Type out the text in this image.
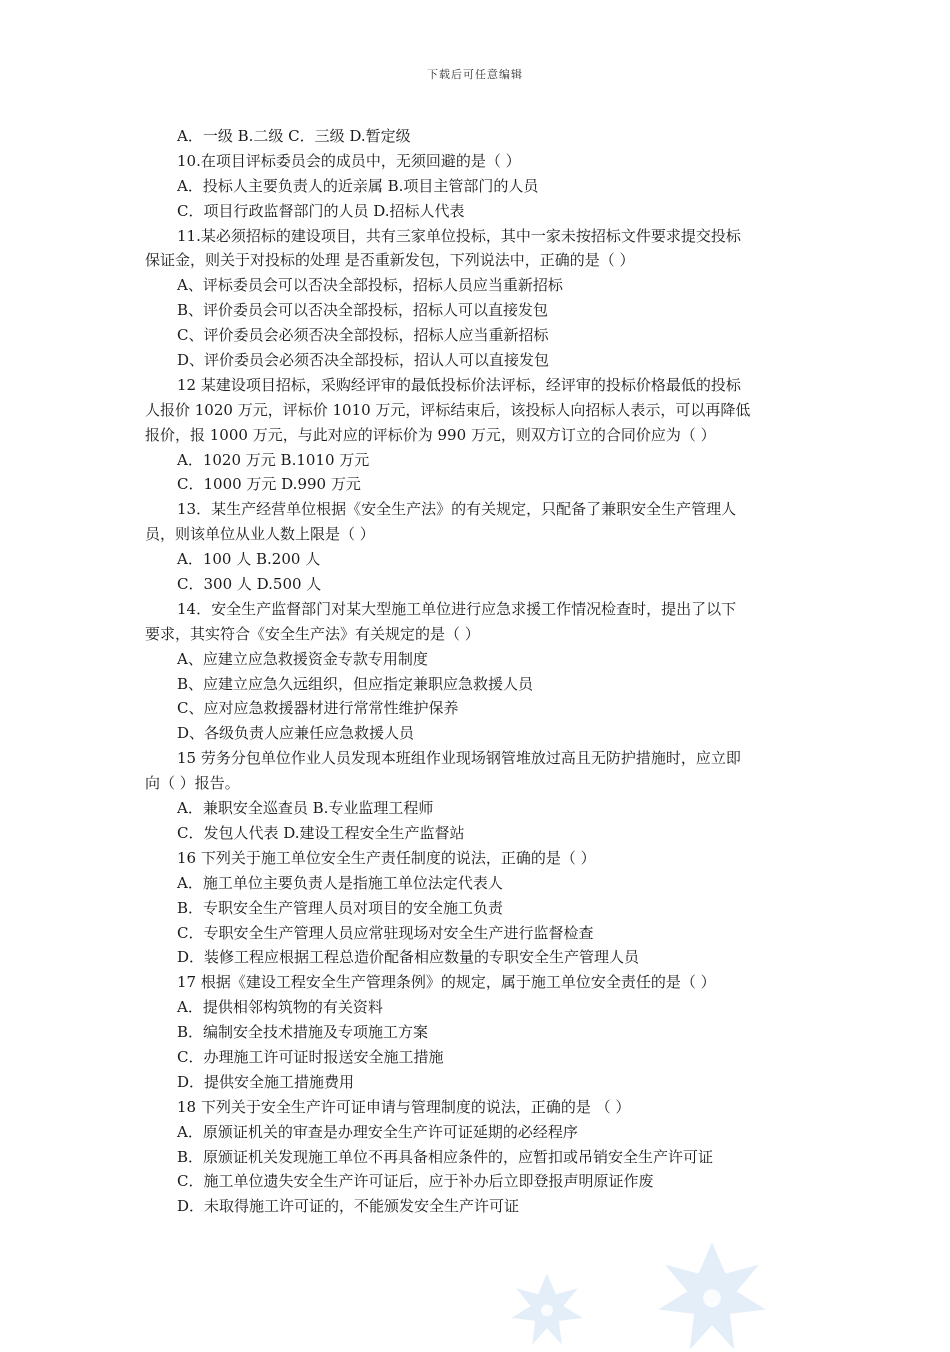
下载后可任意编辑
A．一级 B.二级 C．三级 D.暂定级
10.在项目评标委员会的成员中，无须回避的是（ ）
A．投标人主要负责人的近亲属 B.项目主管部门的人员
C．项目行政监督部门的人员 D.招标人代表
11.某必须招标的建设项目，共有三家单位投标，其中一家未按招标文件要求提交投标
保证金，则关于对投标的处理 是否重新发包，下列说法中，正确的是（ ）
A、评标委员会可以否决全部投标，招标人员应当重新招标
B、评价委员会可以否决全部投标，招标人可以直接发包
C、评价委员会必须否决全部投标，招标人应当重新招标
D、评价委员会必须否决全部投标，招认人可以直接发包
12 某建设项目招标，采购经评审的最低投标价法评标，经评审的投标价格最低的投标
人报价 1020 万元，评标价 1010 万元，评标结束后，该投标人向招标人表示，可以再降低
报价，报 1000 万元，与此对应的评标价为 990 万元，则双方订立的合同价应为（ ）
A．1020 万元 B.1010 万元
C．1000 万元 D.990 万元
13．某生产经营单位根据《安全生产法》的有关规定，只配备了兼职安全生产管理人
员，则该单位从业人数上限是（ ）
A．100 人 B.200 人
C．300 人 D.500 人
14．安全生产监督部门对某大型施工单位进行应急求援工作情况检查时，提出了以下
要求，其实符合《安全生产法》有关规定的是（ ）
A、应建立应急救援资金专款专用制度
B、应建立应急久远组织，但应指定兼职应急救援人员
C、应对应急救援器材进行常常性维护保养
D、各级负责人应兼任应急救援人员
15 劳务分包单位作业人员发现本班组作业现场钢管堆放过高且无防护措施时，应立即
向（ ）报告。
A．兼职安全巡查员 B.专业监理工程师
C．发包人代表 D.建设工程安全生产监督站
16 下列关于施工单位安全生产责任制度的说法，正确的是（ ）
A．施工单位主要负责人是指施工单位法定代表人
B．专职安全生产管理人员对项目的安全施工负责
C．专职安全生产管理人员应常驻现场对安全生产进行监督检查
D．装修工程应根据工程总造价配备相应数量的专职安全生产管理人员
17 根据《建设工程安全生产管理条例》的规定，属于施工单位安全责任的是（ ）
A．提供相邻构筑物的有关资料
B．编制安全技术措施及专项施工方案
C．办理施工许可证时报送安全施工措施
D．提供安全施工措施费用
18 下列关于安全生产许可证申请与管理制度的说法，正确的是 （ ）
A．原颁证机关的审查是办理安全生产许可证延期的必经程序
B．原颁证机关发现施工单位不再具备相应条件的，应暂扣或吊销安全生产许可证
C．施工单位遗失安全生产许可证后，应于补办后立即登报声明原证作废
D．未取得施工许可证的，不能颁发安全生产许可证
